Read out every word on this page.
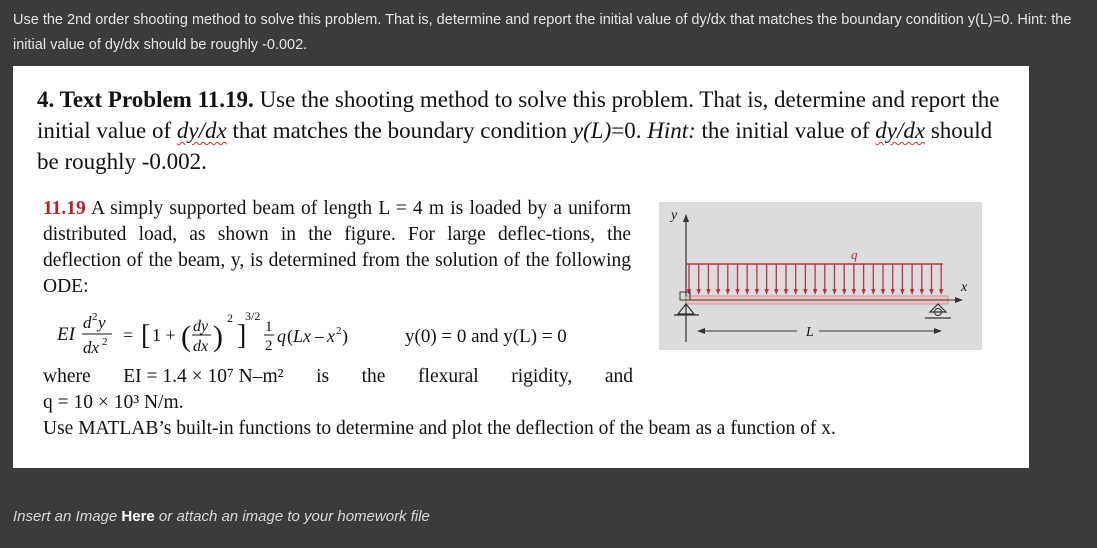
Use the 2nd order shooting method to solve this problem. That is, determine and report the initial value of dy/dx that matches the boundary condition y(L)=0. Hint: the initial value of dy/dx should be roughly -0.002.
4. Text Problem 11.19. Use the shooting method to solve this problem. That is, determine and report the initial value of dy/dx that matches the boundary condition y(L)=0. Hint: the initial value of dy/dx should be roughly -0.002.
11.19 A simply supported beam of length L = 4 m is loaded by a uniform distributed load, as shown in the figure. For large deflec-tions, the deflection of the beam, y, is determined from the solution of the following ODE:
EI
d 2 y
dx 2 = [ 1 + ( dy
dx )
2
]
3/2
1
2 q ( Lx – x 2 )	y(0) = 0 and y(L) = 0
where EI = 1.4 × 10⁷ N–m² is the flexural rigidity, and
q = 10 × 10³ N/m.
Use MATLAB’s built-in functions to determine and plot the deflection of the beam as a function of x.
y
q
x
L
Insert an Image Here or attach an image to your homework file
